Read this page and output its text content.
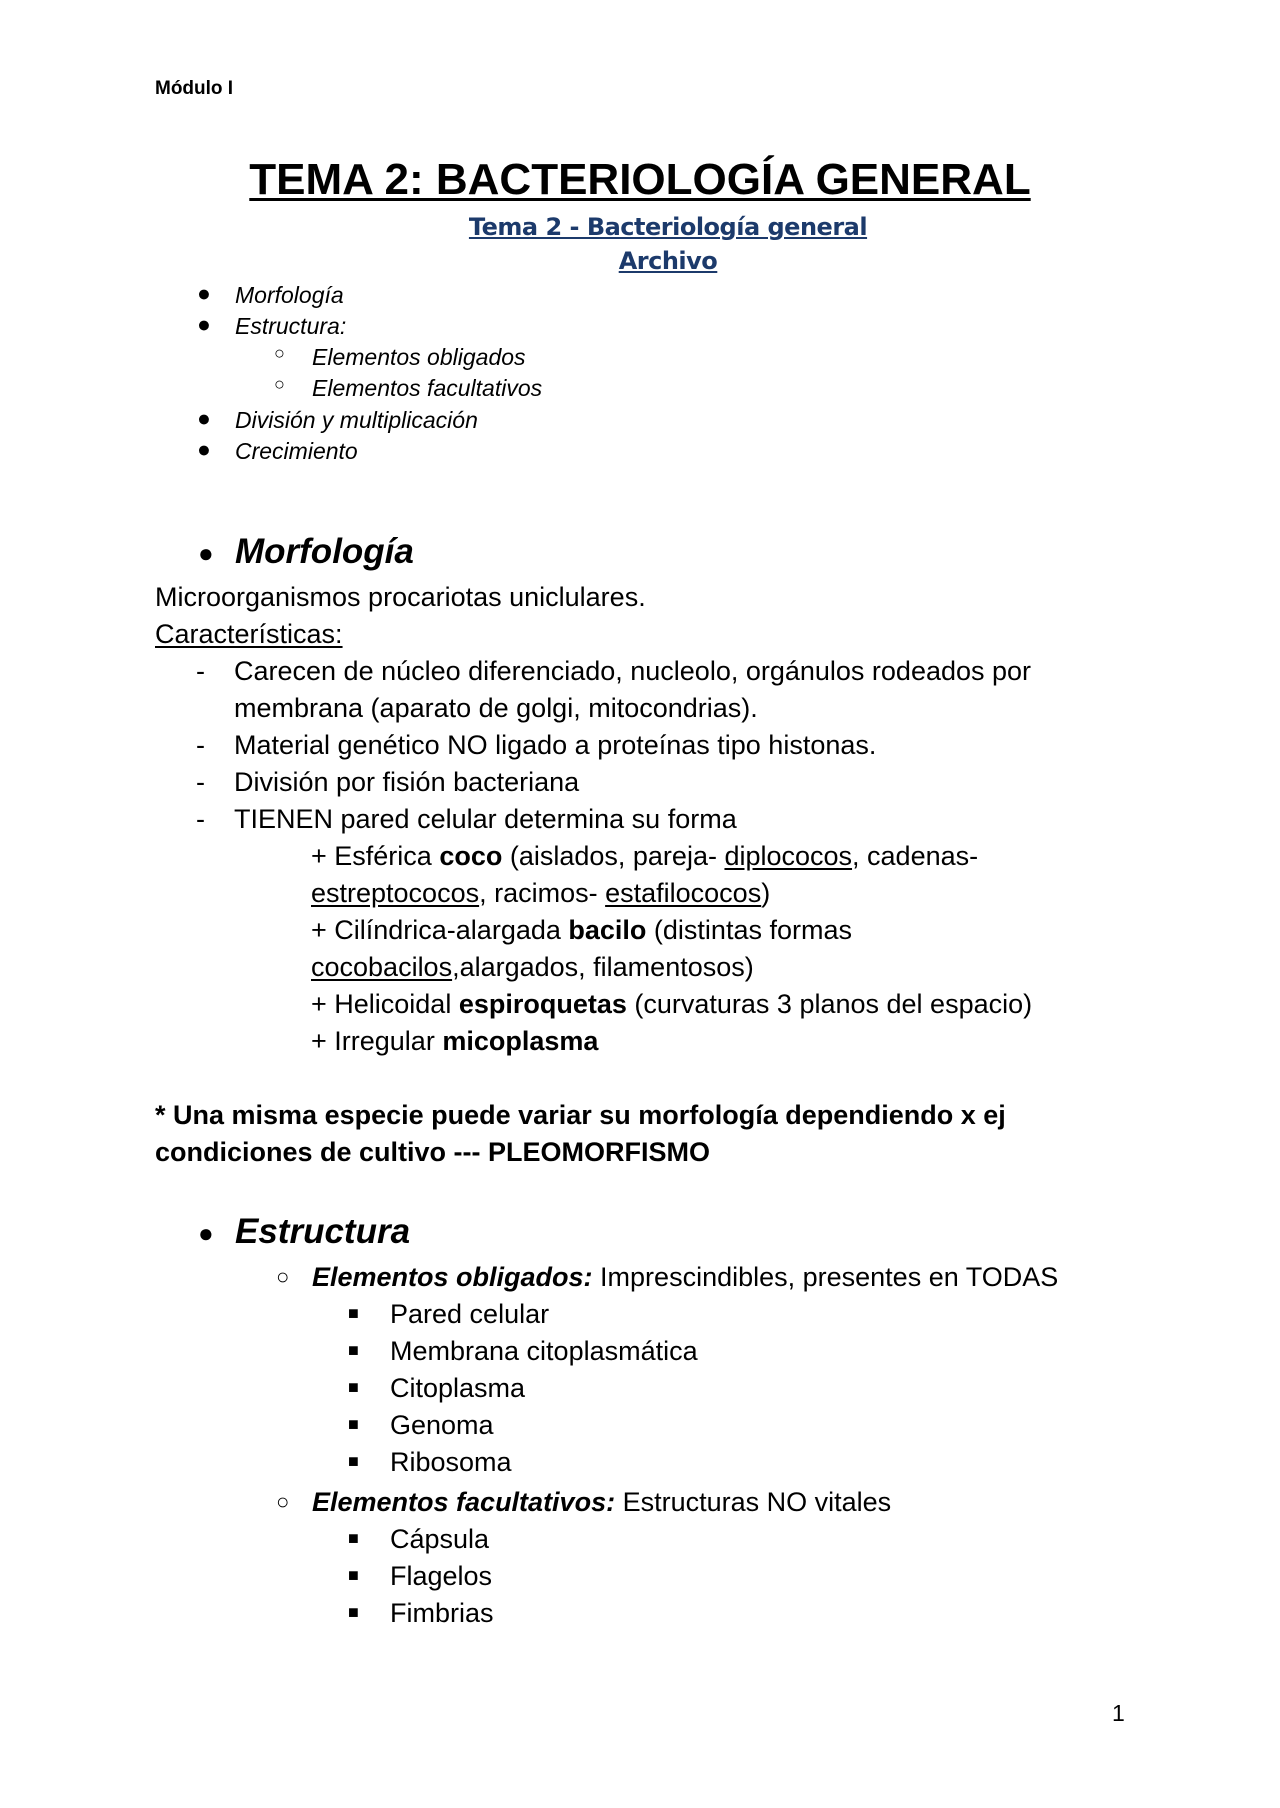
Módulo I
TEMA 2: BACTERIOLOGÍA GENERAL
Tema 2 - Bacteriología general
Archivo
● Morfología
● Estructura:
○ Elementos obligados
○ Elementos facultativos
● División y multiplicación
● Crecimiento
● Morfología
Microorganismos procariotas uniclulares.
Características:
- Carecen de núcleo diferenciado, nucleolo, orgánulos rodeados por
membrana (aparato de golgi, mitocondrias).
- Material genético NO ligado a proteínas tipo histonas.
- División por fisión bacteriana
- TIENEN pared celular determina su forma
+ Esférica coco (aislados, pareja- diplococos, cadenas-
estreptococos, racimos- estafilococos)
+ Cilíndrica-alargada bacilo (distintas formas
cocobacilos,alargados, filamentosos)
+ Helicoidal espiroquetas (curvaturas 3 planos del espacio)
+ Irregular micoplasma
* Una misma especie puede variar su morfología dependiendo x ej
condiciones de cultivo --- PLEOMORFISMO
● Estructura
○ Elementos obligados: Imprescindibles, presentes en TODAS
■ Pared celular
■ Membrana citoplasmática
■ Citoplasma
■ Genoma
■ Ribosoma
○ Elementos facultativos: Estructuras NO vitales
■ Cápsula
■ Flagelos
■ Fimbrias
1
